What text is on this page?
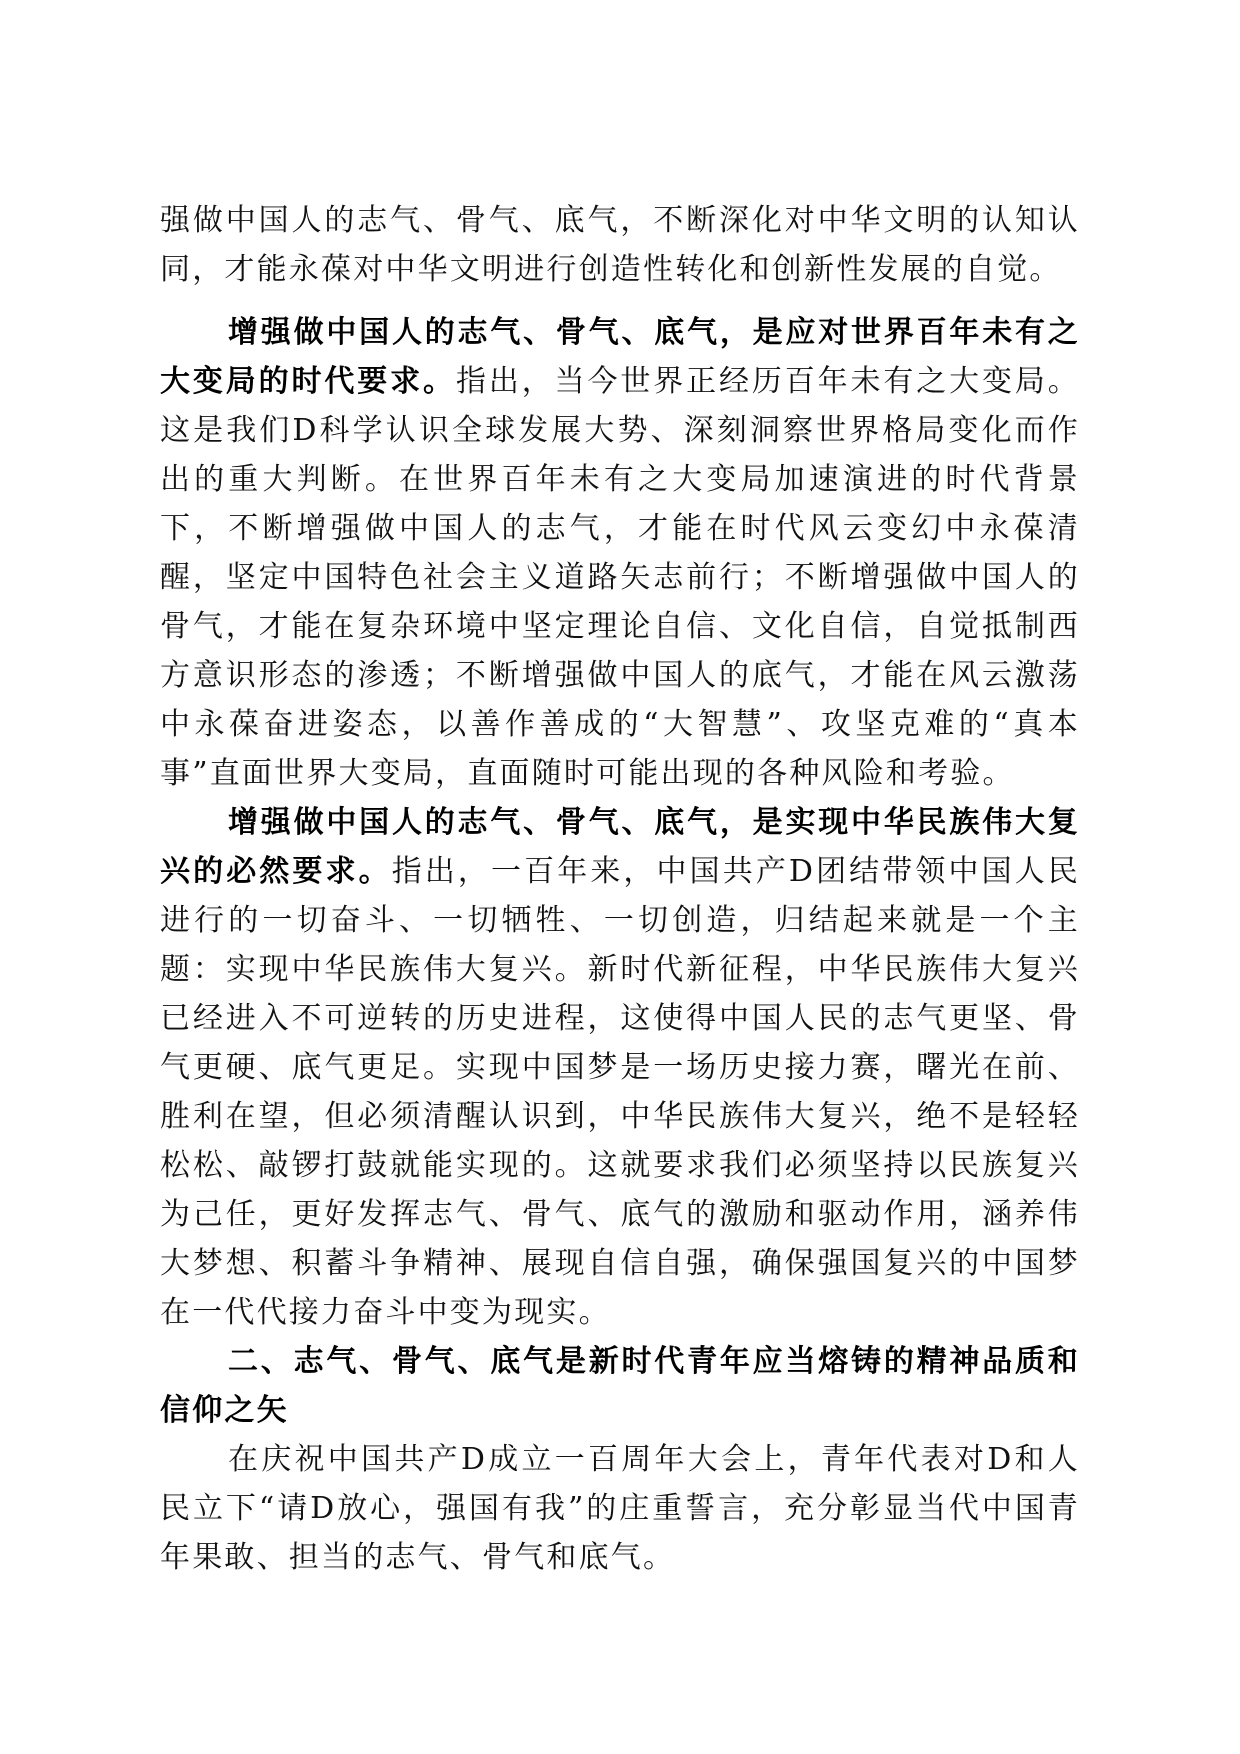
强做中国人的志气、骨气、底气，不断深化对中华文明的认知认同，才能永葆对中华文明进行创造性转化和创新性发展的自觉。

增强做中国人的志气、骨气、底气，是应对世界百年未有之大变局的时代要求。指出，当今世界正经历百年未有之大变局。这是我们D科学认识全球发展大势、深刻洞察世界格局变化而作出的重大判断。在世界百年未有之大变局加速演进的时代背景下，不断增强做中国人的志气，才能在时代风云变幻中永葆清醒，坚定中国特色社会主义道路矢志前行；不断增强做中国人的骨气，才能在复杂环境中坚定理论自信、文化自信，自觉抵制西方意识形态的渗透；不断增强做中国人的底气，才能在风云激荡中永葆奋进姿态，以善作善成的“大智慧”、攻坚克难的“真本事”直面世界大变局，直面随时可能出现的各种风险和考验。

增强做中国人的志气、骨气、底气，是实现中华民族伟大复兴的必然要求。指出，一百年来，中国共产D团结带领中国人民进行的一切奋斗、一切牺牲、一切创造，归结起来就是一个主题：实现中华民族伟大复兴。新时代新征程，中华民族伟大复兴已经进入不可逆转的历史进程，这使得中国人民的志气更坚、骨气更硬、底气更足。实现中国梦是一场历史接力赛，曙光在前、胜利在望，但必须清醒认识到，中华民族伟大复兴，绝不是轻轻松松、敲锣打鼓就能实现的。这就要求我们必须坚持以民族复兴为己任，更好发挥志气、骨气、底气的激励和驱动作用，涵养伟大梦想、积蓄斗争精神、展现自信自强，确保强国复兴的中国梦在一代代接力奋斗中变为现实。

二、志气、骨气、底气是新时代青年应当熔铸的精神品质和信仰之矢

在庆祝中国共产D成立一百周年大会上，青年代表对D和人民立下“请D放心，强国有我”的庄重誓言，充分彰显当代中国青年果敢、担当的志气、骨气和底气。
